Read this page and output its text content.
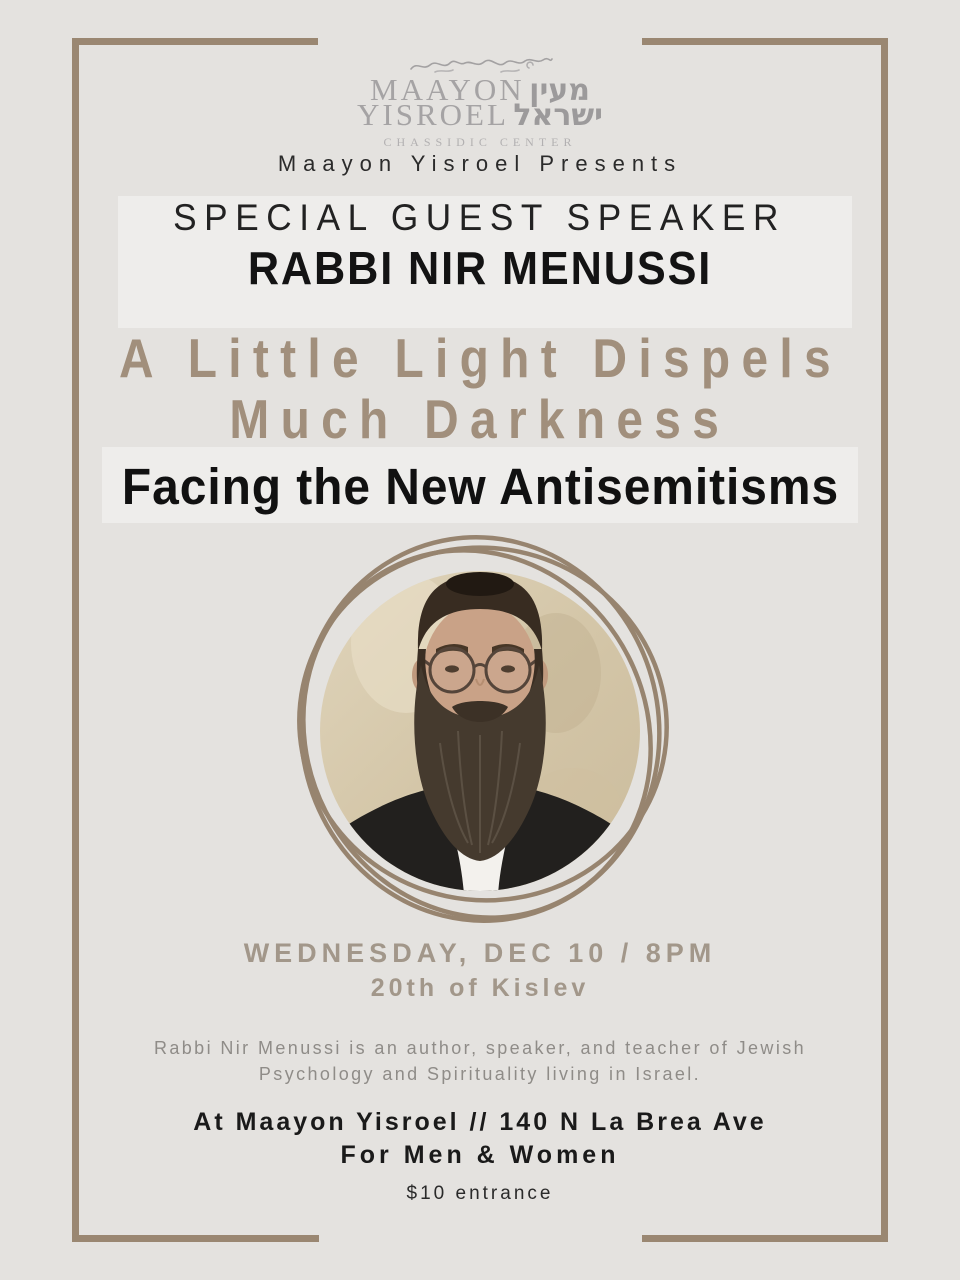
MAAYON מעין
YISROEL ישראל
CHASSIDIC CENTER
Maayon Yisroel Presents
SPECIAL GUEST SPEAKER
RABBI NIR MENUSSI
A Little Light Dispels
Much Darkness
Facing the New Antisemitisms
WEDNESDAY, DEC 10 / 8PM
20th of Kislev
Rabbi Nir Menussi is an author, speaker, and teacher of Jewish
Psychology and Spirituality living in Israel.
At Maayon Yisroel // 140 N La Brea Ave
For Men & Women
$10 entrance
